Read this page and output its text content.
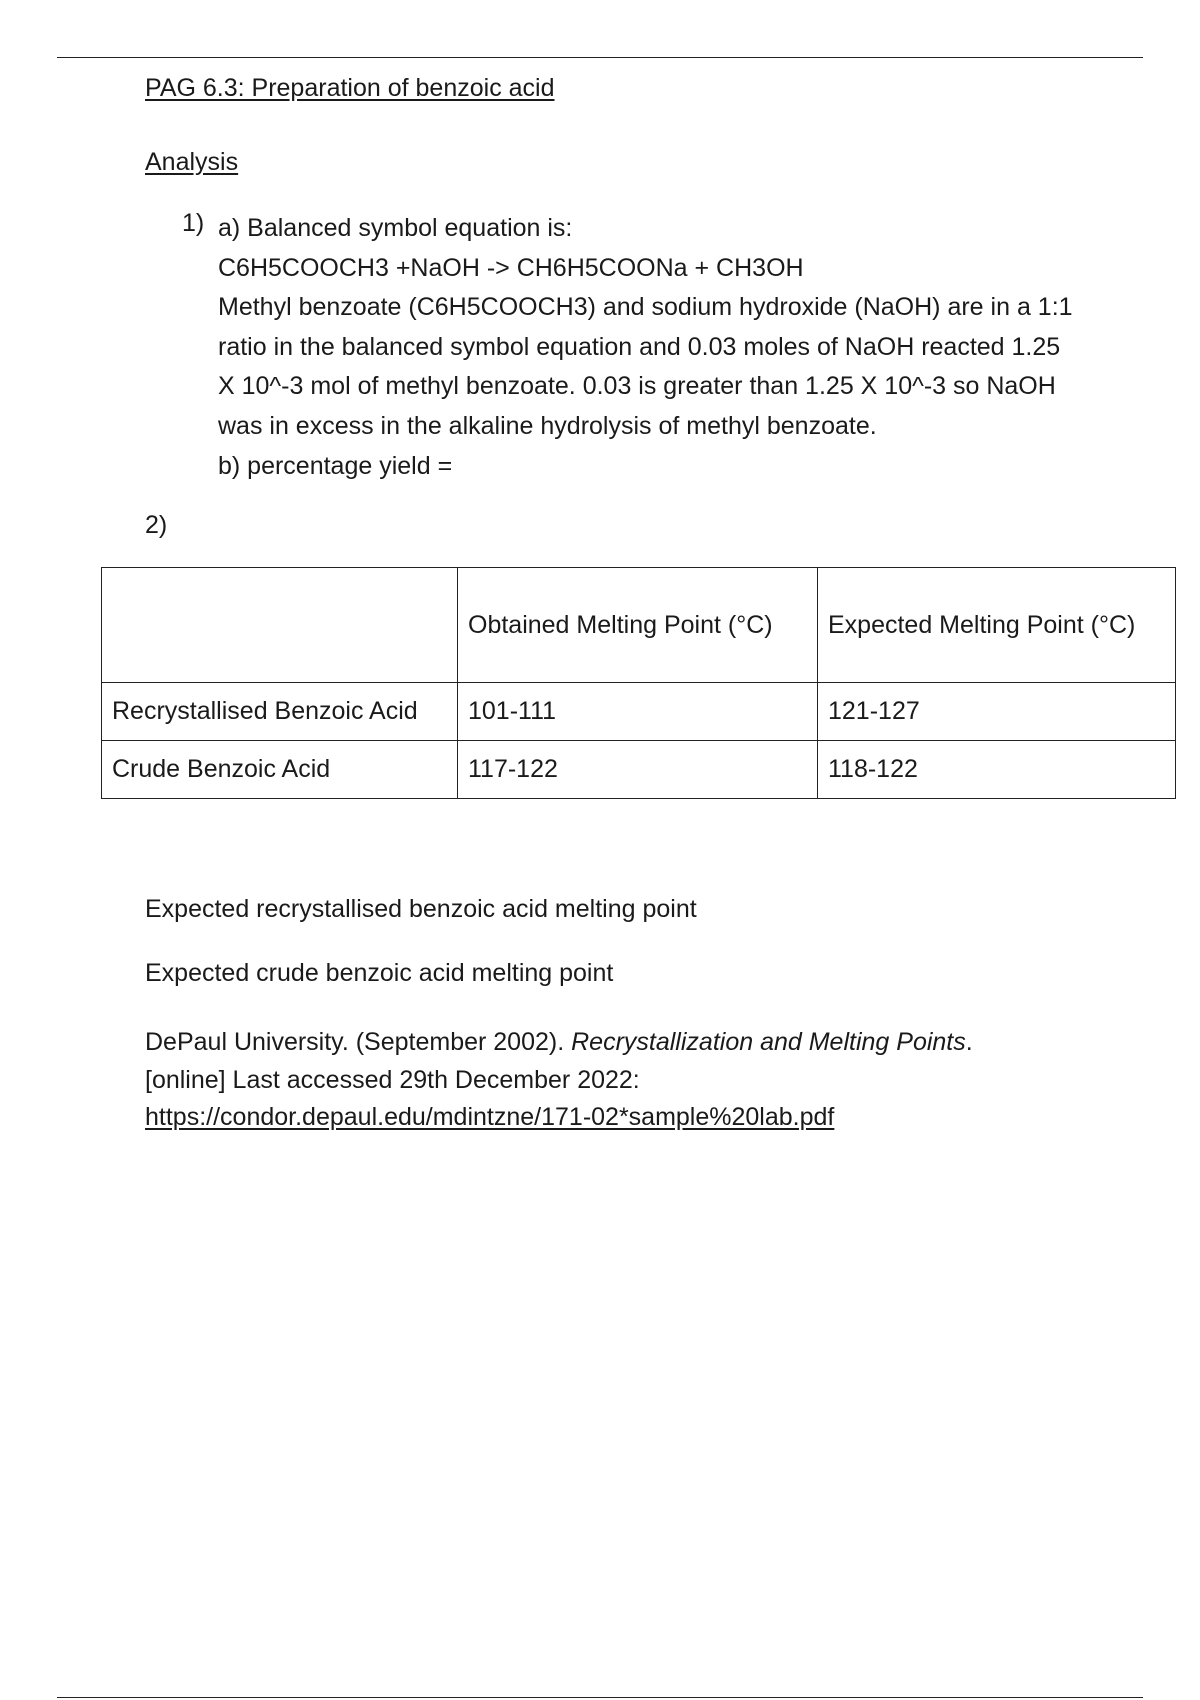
PAG 6.3: Preparation of benzoic acid
Analysis
1) a) Balanced symbol equation is:

C6H5COOCH3 +NaOH -> CH6H5COONa + CH3OH

Methyl benzoate (C6H5COOCH3) and sodium hydroxide (NaOH) are in a 1:1

ratio in the balanced symbol equation and 0.03 moles of NaOH reacted 1.25

X 10^-3 mol of methyl benzoate. 0.03 is greater than 1.25 X 10^-3 so NaOH

was in excess in the alkaline hydrolysis of methyl benzoate.

b) percentage yield =

2)
	Obtained Melting Point (°C)	Expected Melting Point (°C)
Recrystallised Benzoic Acid	101-111	121-127
Crude Benzoic Acid	117-122	118-122
Expected recrystallised benzoic acid melting point
Expected crude benzoic acid melting point

DePaul University. (September 2002). Recrystallization and Melting Points.

[online] Last accessed 29th December 2022:

https://condor.depaul.edu/mdintzne/171-02*sample%20lab.pdf
